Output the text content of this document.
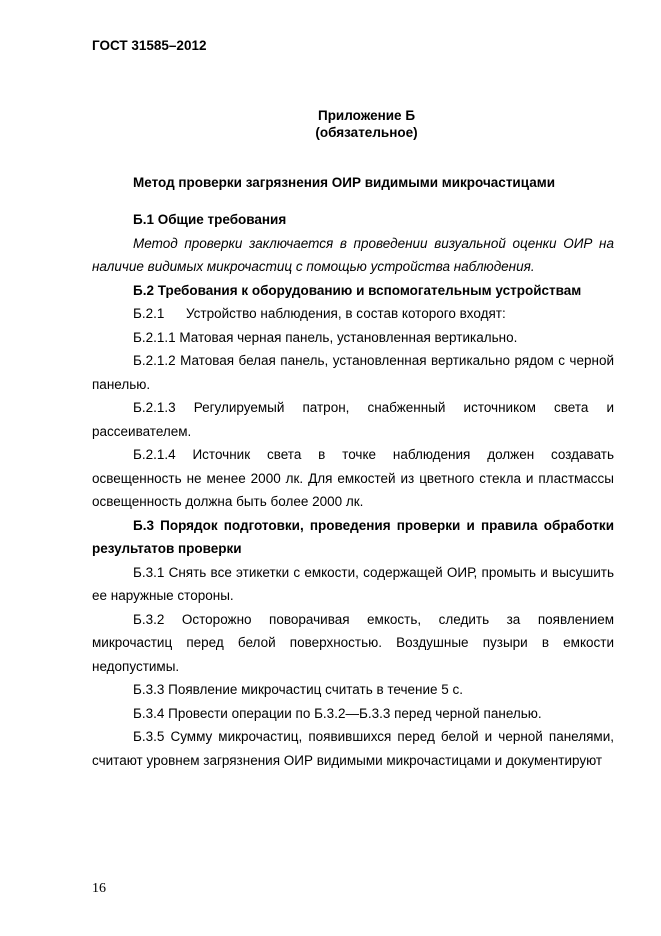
ГОСТ 31585–2012
Приложение Б
(обязательное)
Метод проверки загрязнения ОИР видимыми микрочастицами

Б.1 Общие требования

Метод проверки заключается в проведении визуальной оценки ОИР на наличие видимых микрочастиц с помощью устройства наблюдения.

Б.2 Требования к оборудованию и вспомогательным устройствам

Б.2.1 Устройство наблюдения, в состав которого входят:

Б.2.1.1 Матовая черная панель, установленная вертикально.

Б.2.1.2 Матовая белая панель, установленная вертикально рядом с черной панелью.

Б.2.1.3 Регулируемый патрон, снабженный источником света и рассеивателем.

Б.2.1.4 Источник света в точке наблюдения должен создавать освещенность не менее 2000 лк. Для емкостей из цветного стекла и пластмассы освещенность должна быть более 2000 лк.

Б.3 Порядок подготовки, проведения проверки и правила обработки результатов проверки

Б.3.1 Снять все этикетки с емкости, содержащей ОИР, промыть и высушить ее наружные стороны.

Б.3.2 Осторожно поворачивая емкость, следить за появлением микрочастиц перед белой поверхностью. Воздушные пузыри в емкости недопустимы.

Б.3.3 Появление микрочастиц считать в течение 5 с.

Б.3.4 Провести операции по Б.3.2—Б.3.3 перед черной панелью.

Б.3.5 Сумму микрочастиц, появившихся перед белой и черной панелями, считают уровнем загрязнения ОИР видимыми микрочастицами и документируют

16
